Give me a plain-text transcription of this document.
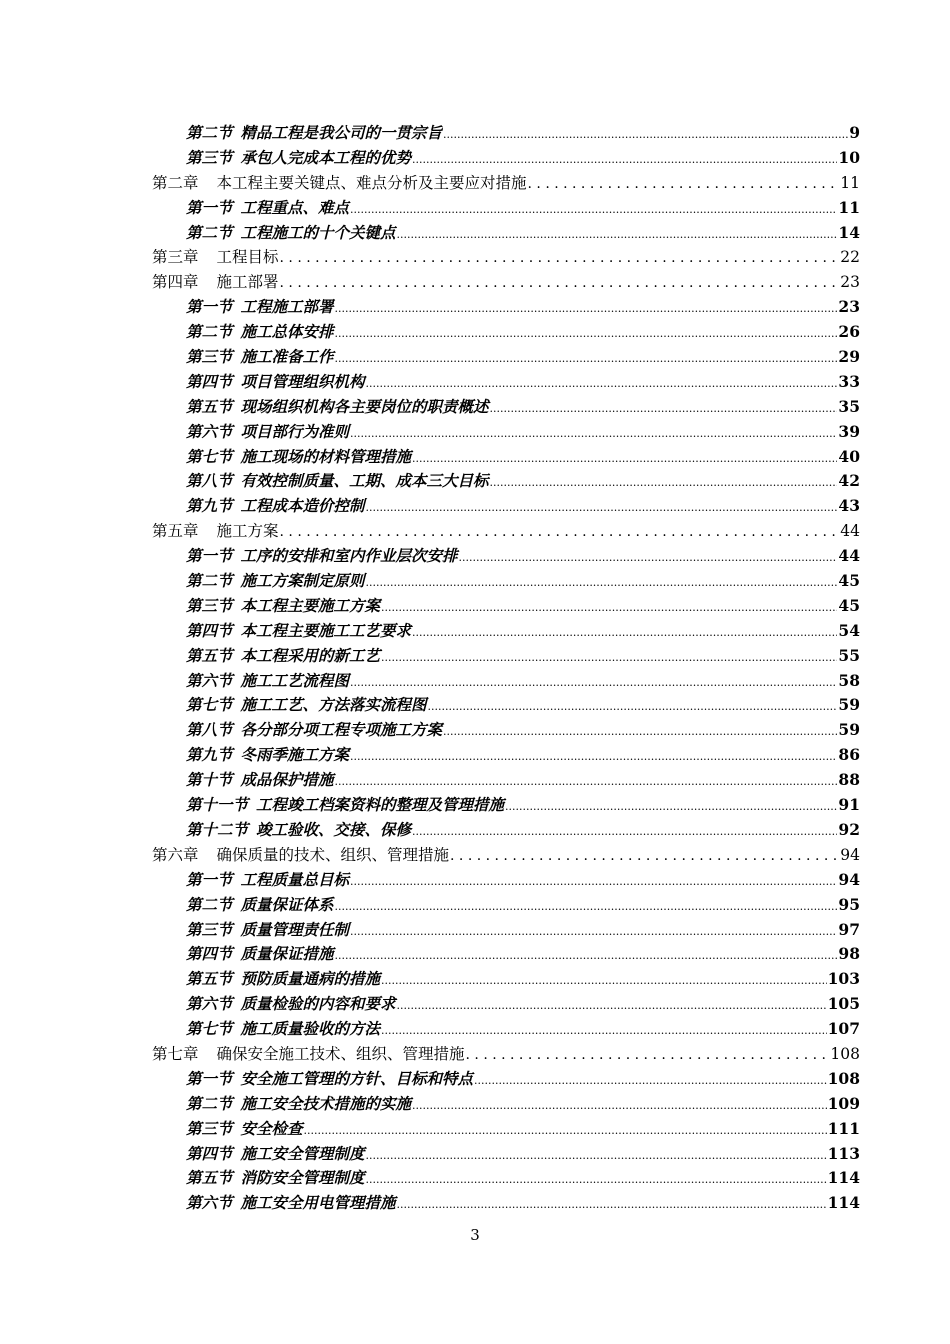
第二节 精品工程是我公司的一贯宗旨 .....	9
第三节 承包人完成本工程的优势 .....	10
第二章 本工程主要关键点、难点分析及主要应对措施 . . .	11
第一节 工程重点、难点 .....	11
第二节 工程施工的十个关键点 .....	14
第三章 工程目标 . . .	22
第四章 施工部署 . . .	23
第一节 工程施工部署 .....	23
第二节 施工总体安排 .....	26
第三节 施工准备工作 .....	29
第四节 项目管理组织机构 .....	33
第五节 现场组织机构各主要岗位的职责概述 .....	35
第六节 项目部行为准则 .....	39
第七节 施工现场的材料管理措施 .....	40
第八节 有效控制质量、工期、成本三大目标 .....	42
第九节 工程成本造价控制 .....	43
第五章 施工方案 . . .	44
第一节 工序的安排和室内作业层次安排 .....	44
第二节 施工方案制定原则 .....	45
第三节 本工程主要施工方案 .....	45
第四节 本工程主要施工工艺要求 .....	54
第五节 本工程采用的新工艺 .....	55
第六节 施工工艺流程图 .....	58
第七节 施工工艺、方法落实流程图 .....	59
第八节 各分部分项工程专项施工方案 .....	59
第九节 冬雨季施工方案 .....	86
第十节 成品保护措施 .....	88
第十一节 工程竣工档案资料的整理及管理措施 .....	91
第十二节 竣工验收、交接、保修 .....	92
第六章 确保质量的技术、组织、管理措施 . . .	94
第一节 工程质量总目标 .....	94
第二节 质量保证体系 .....	95
第三节 质量管理责任制 .....	97
第四节 质量保证措施 .....	98
第五节 预防质量通病的措施 .....	103
第六节 质量检验的内容和要求 .....	105
第七节 施工质量验收的方法 .....	107
第七章 确保安全施工技术、组织、管理措施 . . .	108
第一节 安全施工管理的方针、目标和特点 .....	108
第二节 施工安全技术措施的实施 .....	109
第三节 安全检查 .....	111
第四节 施工安全管理制度 .....	113
第五节 消防安全管理制度 .....	114
第六节 施工安全用电管理措施 .....	114
3
